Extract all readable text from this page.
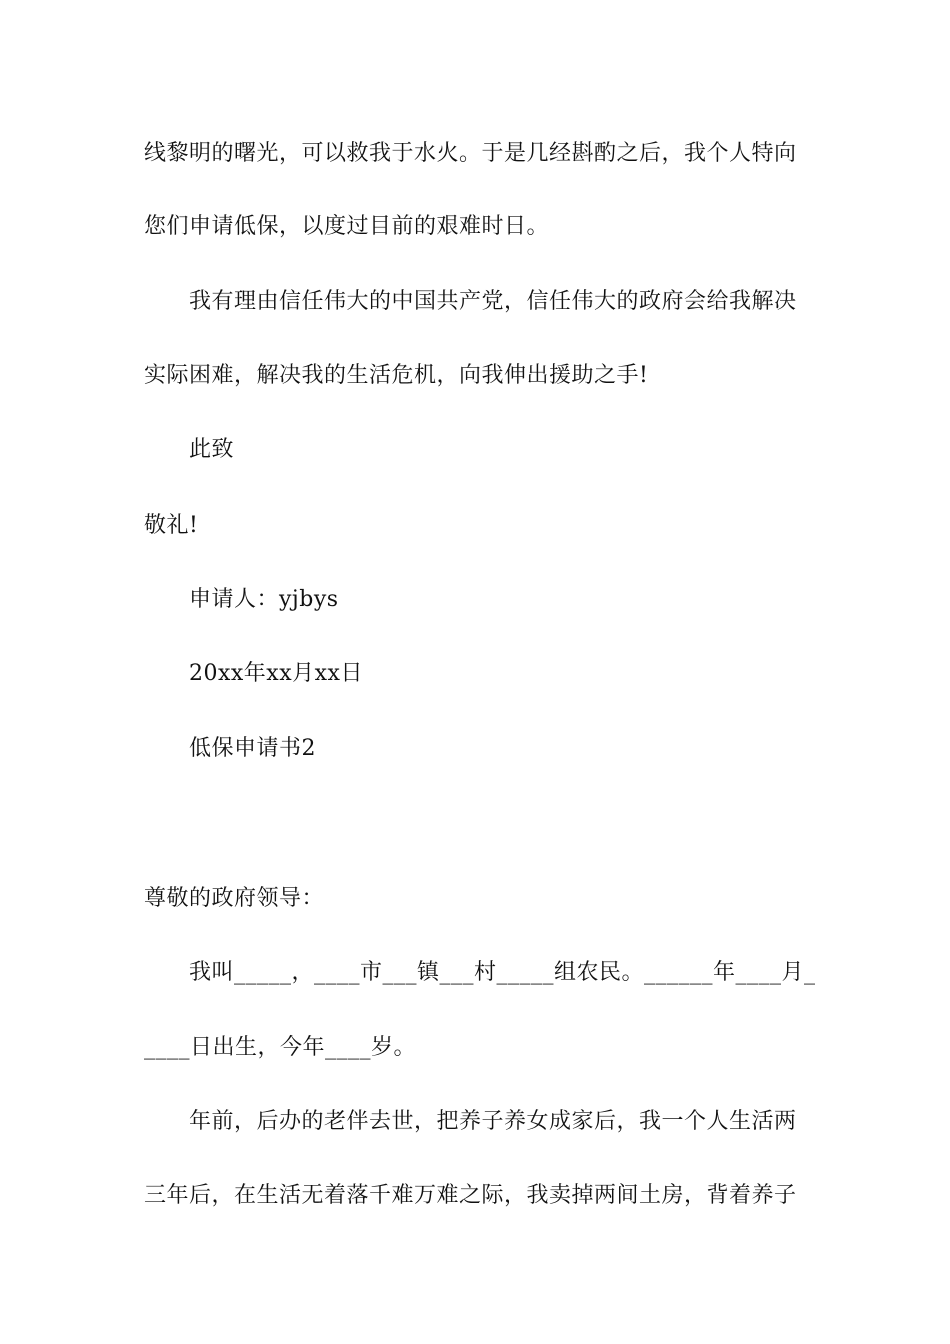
线黎明的曙光，可以救我于水火。于是几经斟酌之后，我个人特向
您们申请低保，以度过目前的艰难时日。
我有理由信任伟大的中国共产党，信任伟大的政府会给我解决
实际困难，解决我的生活危机，向我伸出援助之手!
此致
敬礼!
申请人：yjbys
20xx年xx月xx日
低保申请书2
尊敬的政府领导：
我叫_____，____市___镇___村_____组农民。______年____月_
____日出生，今年____岁。
年前，后办的老伴去世，把养子养女成家后，我一个人生活两
三年后，在生活无着落千难万难之际，我卖掉两间土房，背着养子
